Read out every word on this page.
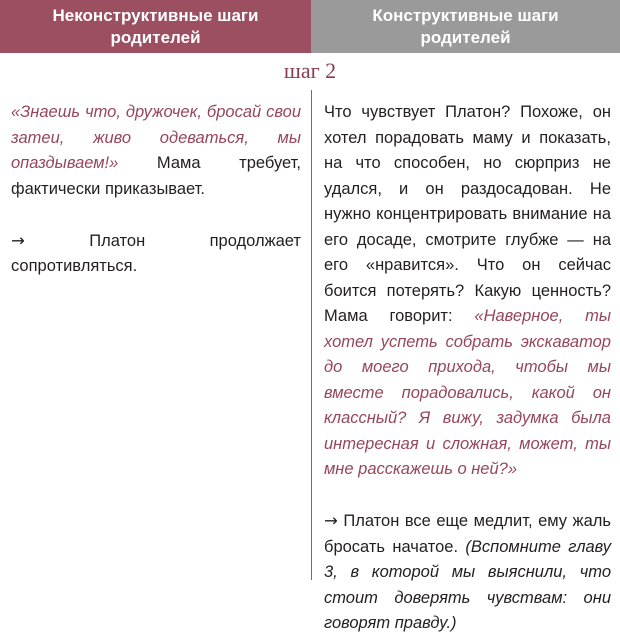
Неконструктивные шаги
родителей
Конструктивные шаги
родителей
шаг 2

«Знаешь что, дружочек, бросай свои затеи, живо одеваться, мы опаздываем!» Мама требует, фактически приказывает.

→ Платон продолжает сопротивляться.

Что чувствует Платон? Похоже, он хотел порадовать маму и показать, на что способен, но сюрприз не удался, и он раздосадован. Не нужно концентрировать внимание на его досаде, смотрите глубже — на его «нравится». Что он сейчас боится потерять? Какую ценность? Мама говорит: «Наверное, ты хотел успеть собрать экскаватор до моего прихода, чтобы мы вместе порадовались, какой он классный? Я вижу, задумка была интересная и сложная, может, ты мне расскажешь о ней?»

→ Платон все еще медлит, ему жаль бросать начатое. (Вспомните главу 3, в которой мы выяснили, что стоит доверять чувствам: они говорят правду.)
